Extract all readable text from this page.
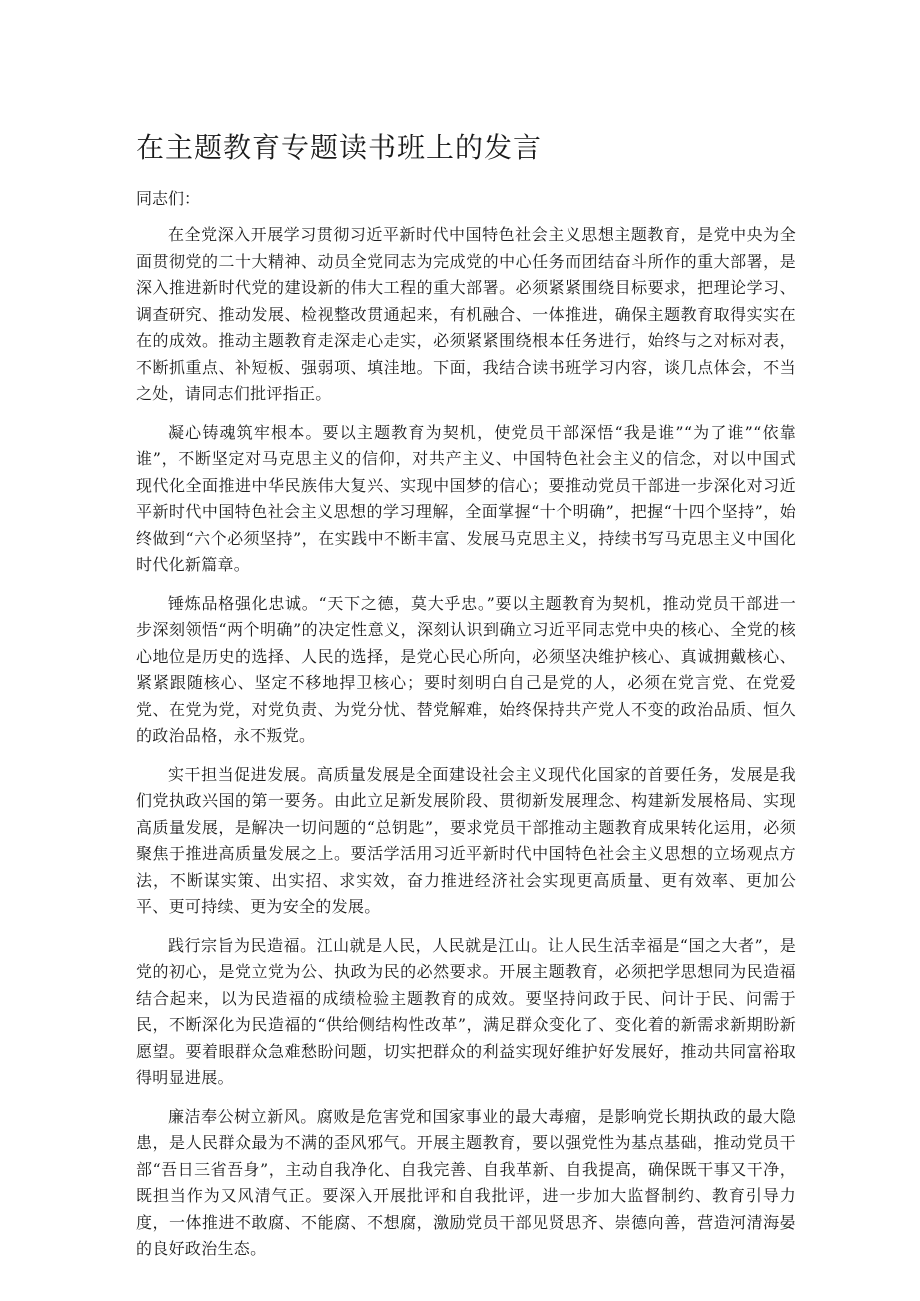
在主题教育专题读书班上的发言

同志们：

在全党深入开展学习贯彻习近平新时代中国特色社会主义思想主题教育，是党中央为全面贯彻党的二十大精神、动员全党同志为完成党的中心任务而团结奋斗所作的重大部署，是深入推进新时代党的建设新的伟大工程的重大部署。必须紧紧围绕目标要求，把理论学习、调查研究、推动发展、检视整改贯通起来，有机融合、一体推进，确保主题教育取得实实在在的成效。推动主题教育走深走心走实，必须紧紧围绕根本任务进行，始终与之对标对表，不断抓重点、补短板、强弱项、填洼地。下面，我结合读书班学习内容，谈几点体会，不当之处，请同志们批评指正。

凝心铸魂筑牢根本。要以主题教育为契机，使党员干部深悟“我是谁”“为了谁”“依靠谁”，不断坚定对马克思主义的信仰，对共产主义、中国特色社会主义的信念，对以中国式现代化全面推进中华民族伟大复兴、实现中国梦的信心；要推动党员干部进一步深化对习近平新时代中国特色社会主义思想的学习理解，全面掌握“十个明确”，把握“十四个坚持”，始终做到“六个必须坚持”，在实践中不断丰富、发展马克思主义，持续书写马克思主义中国化时代化新篇章。

锤炼品格强化忠诚。“天下之德，莫大乎忠。”要以主题教育为契机，推动党员干部进一步深刻领悟“两个明确”的决定性意义，深刻认识到确立习近平同志党中央的核心、全党的核心地位是历史的选择、人民的选择，是党心民心所向，必须坚决维护核心、真诚拥戴核心、紧紧跟随核心、坚定不移地捍卫核心；要时刻明白自己是党的人，必须在党言党、在党爱党、在党为党，对党负责、为党分忧、替党解难，始终保持共产党人不变的政治品质、恒久的政治品格，永不叛党。

实干担当促进发展。高质量发展是全面建设社会主义现代化国家的首要任务，发展是我们党执政兴国的第一要务。由此立足新发展阶段、贯彻新发展理念、构建新发展格局、实现高质量发展，是解决一切问题的“总钥匙”，要求党员干部推动主题教育成果转化运用，必须聚焦于推进高质量发展之上。要活学活用习近平新时代中国特色社会主义思想的立场观点方法，不断谋实策、出实招、求实效，奋力推进经济社会实现更高质量、更有效率、更加公平、更可持续、更为安全的发展。

践行宗旨为民造福。江山就是人民，人民就是江山。让人民生活幸福是“国之大者”，是党的初心，是党立党为公、执政为民的必然要求。开展主题教育，必须把学思想同为民造福结合起来，以为民造福的成绩检验主题教育的成效。要坚持问政于民、问计于民、问需于民，不断深化为民造福的“供给侧结构性改革”，满足群众变化了、变化着的新需求新期盼新愿望。要着眼群众急难愁盼问题，切实把群众的利益实现好维护好发展好，推动共同富裕取得明显进展。

廉洁奉公树立新风。腐败是危害党和国家事业的最大毒瘤，是影响党长期执政的最大隐患，是人民群众最为不满的歪风邪气。开展主题教育，要以强党性为基点基础，推动党员干部“吾日三省吾身”，主动自我净化、自我完善、自我革新、自我提高，确保既干事又干净，既担当作为又风清气正。要深入开展批评和自我批评，进一步加大监督制约、教育引导力度，一体推进不敢腐、不能腐、不想腐，激励党员干部见贤思齐、崇德向善，营造河清海晏的良好政治生态。
